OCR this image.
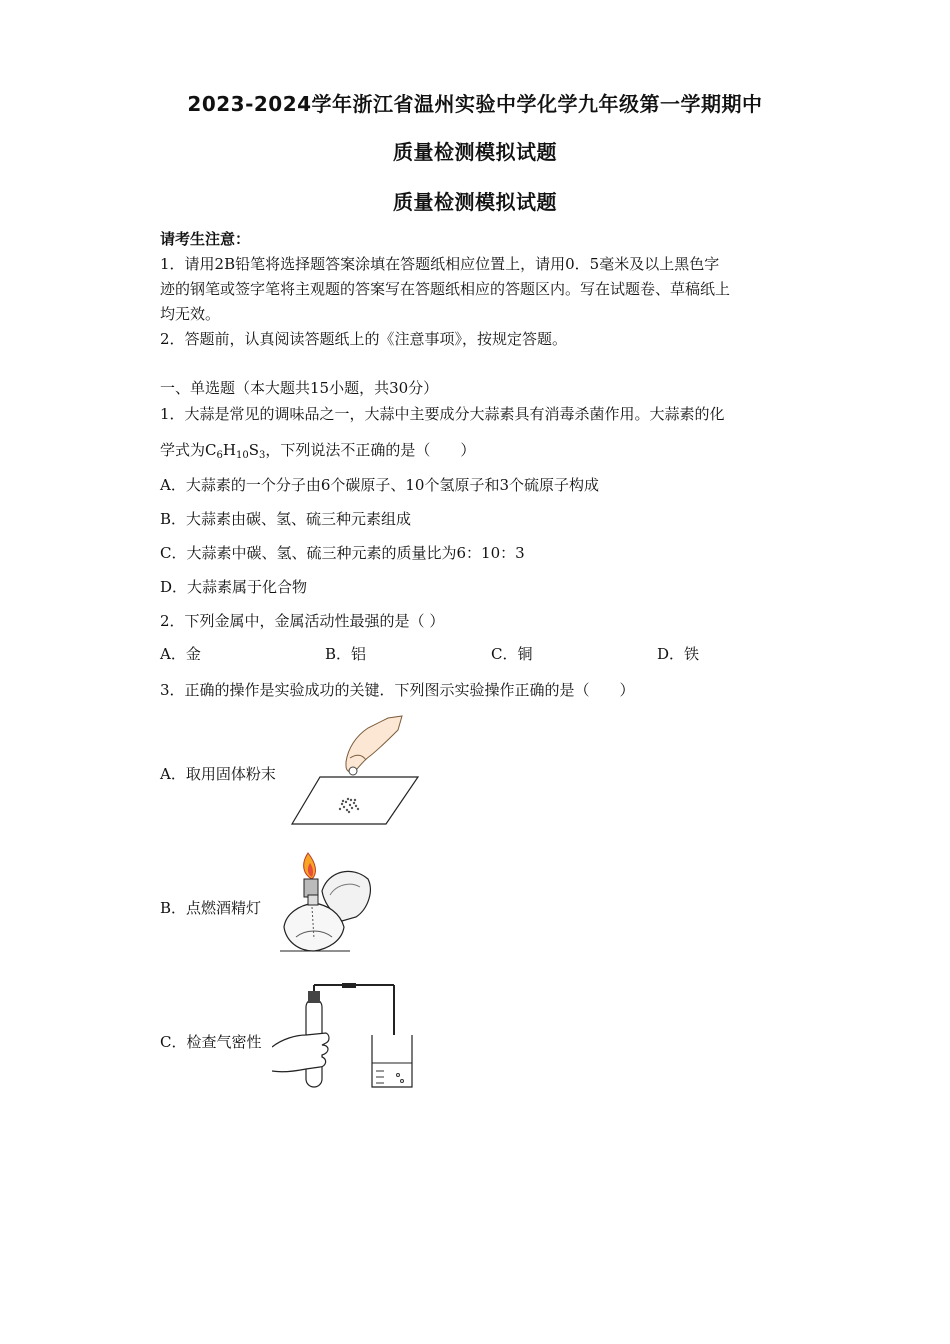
2023-2024学年浙江省温州实验中学化学九年级第一学期期中
质量检测模拟试题
质量检测模拟试题
请考生注意：
1．请用2B铅笔将选择题答案涂填在答题纸相应位置上，请用0．5毫米及以上黑色字
迹的钢笔或签字笔将主观题的答案写在答题纸相应的答题区内。写在试题卷、草稿纸上
均无效。
2．答题前，认真阅读答题纸上的《注意事项》，按规定答题。
一、单选题（本大题共15小题，共30分）
1．大蒜是常见的调味品之一，大蒜中主要成分大蒜素具有消毒杀菌作用。大蒜素的化
学式为$C_6H_{10}S_3$，下列说法不正确的是（　　）
A．大蒜素的一个分子由6个碳原子、10个氢原子和3个硫原子构成
B．大蒜素由碳、氢、硫三种元素组成
C．大蒜素中碳、氢、硫三种元素的质量比为6：10：3
D．大蒜素属于化合物
2．下列金属中，金属活动性最强的是（ ）
A．金	B．铝	C．铜	D．铁
3．正确的操作是实验成功的关键．下列图示实验操作正确的是（　　）
A．取用固体粉末
B．点燃酒精灯
C．检查气密性
